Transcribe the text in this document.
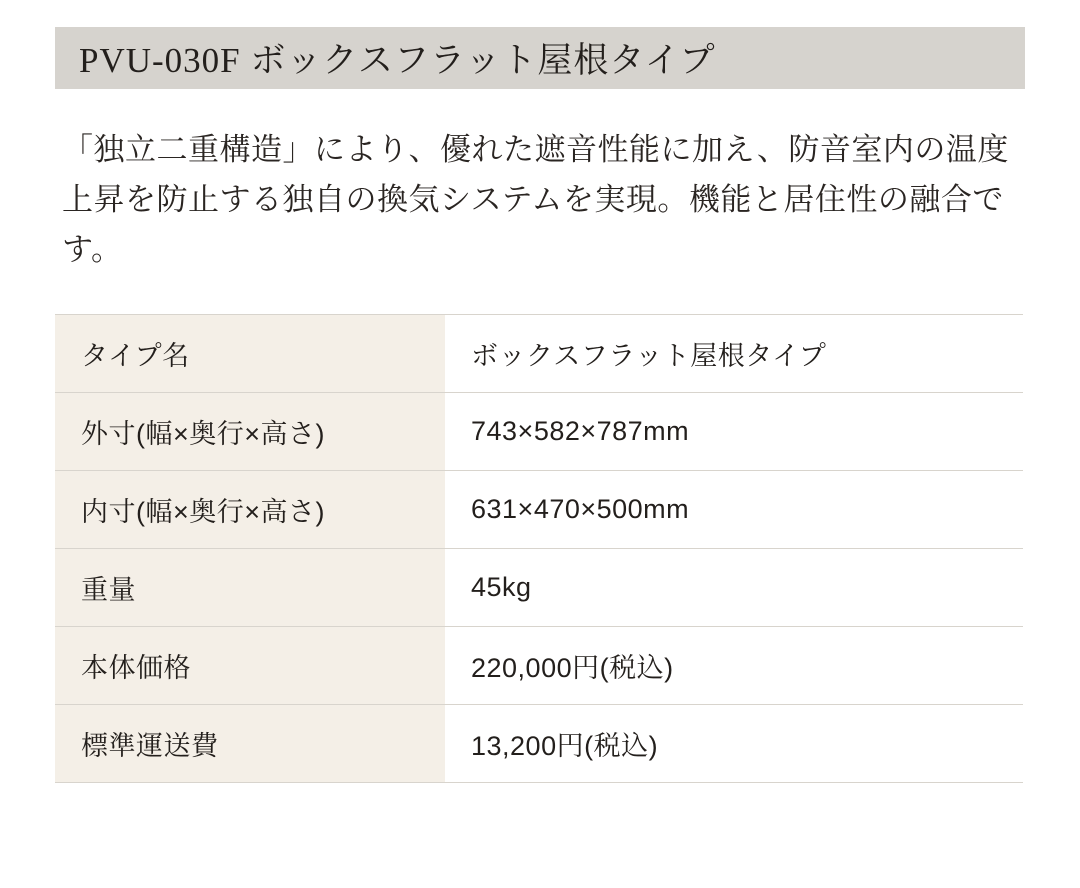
PVU-030F ボックスフラット屋根タイプ

「独立二重構造」により、優れた遮音性能に加え、防音室内の温度上昇を防止する独自の換気システムを実現。機能と居住性の融合です。

タイプ名	ボックスフラット屋根タイプ
外寸(幅×奥行×高さ)	743×582×787mm
内寸(幅×奥行×高さ)	631×470×500mm
重量	45kg
本体価格	220,000円(税込)
標準運送費	13,200円(税込)
